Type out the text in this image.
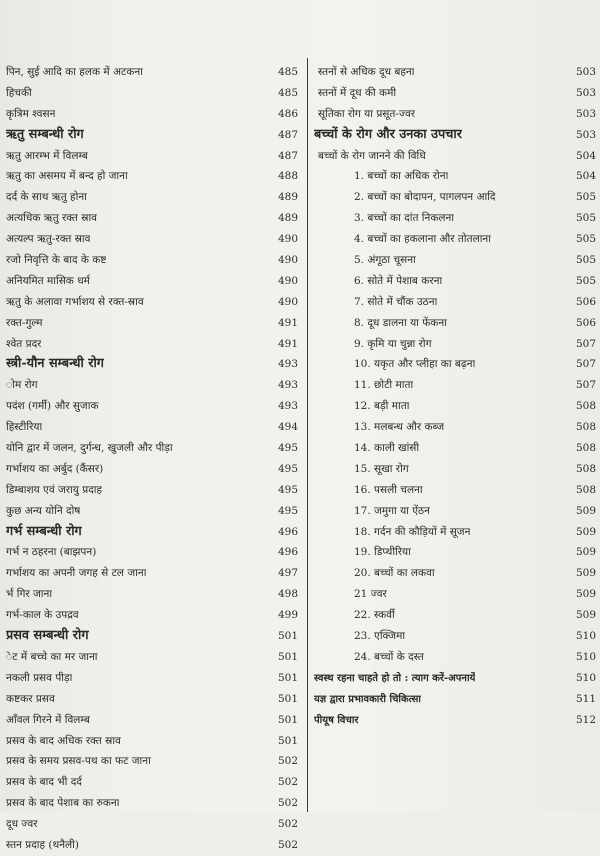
पिन, सुई आदि का हलक में अटकना	485
हिचकी	485
कृत्रिम श्वसन	486
ऋतु सम्बन्धी रोग	487
ऋतु आरम्भ में विलम्ब	487
ऋतु का असमय में बन्द हो जाना	488
दर्द के साथ ऋतु होना	489
अत्यधिक ऋतु रक्त स्राव	489
अत्यल्प ऋतु-रक्त स्राव	490
रजो निवृत्ति के बाद के कष्ट	490
अनियमित मासिक धर्म	490
ऋतु के अलावा गर्भाशय से रक्त-स्राव	490
रक्त-गुल्म	491
श्वेत प्रदर	491
स्त्री-यौन सम्बन्धी रोग	493
ोम रोग	493
पदंश (गर्मी) और सुजाक	493
हिस्टीरिया	494
योनि द्वार में जलन, दुर्गन्ध, खुजली और पीड़ा	495
गर्भाशय का अर्बुद (कैंसर)	495
डिम्बाशय एवं जरायु प्रदाह	495
कुछ अन्य योनि दोष	495
गर्भ सम्बन्धी रोग	496
गर्भ न ठहरना (बाझपन)	496
गर्भाशय का अपनी जगह से टल जाना	497
र्भ गिर जाना	498
गर्भ-काल के उपद्रव	499
प्रसव सम्बन्धी रोग	501
ेट में बच्चे का मर जाना	501
नकली प्रसव पीड़ा	501
कष्टकर प्रसव	501
आँवल गिरने में विलम्ब	501
प्रसव के बाद अधिक रक्त स्राव	501
प्रसव के समय प्रसव-पथ का फट जाना	502
प्रसव के बाद भी दर्द	502
प्रसव के बाद पेशाब का रुकना	502
दूध ज्वर	502
स्तन प्रदाह (थनैली)	502
स्तनों से अधिक दूध बहना	503
स्तनों में दूध की कमी	503
सूतिका रोग या प्रसूत-ज्वर	503
बच्चों के रोग और उनका उपचार	503
बच्चों के रोग जानने की विधि	504
1. बच्चों का अधिक रोना	504
2. बच्चों का बोदापन, पागलपन आदि	505
3. बच्चों का दांत निकलना	505
4. बच्चों का हकलाना और तोतलाना	505
5. अंगूठा चूसना	505
6. सोते में पेशाब करना	505
7. सोते में चौंक उठना	506
8. दूध डालना या फेंकना	506
9. कृमि या चुन्ना रोग	507
10. यकृत और प्लीहा का बढ़ना	507
11. छोटी माता	507
12. बड़ी माता	508
13. मलबन्ध और कब्ज	508
14. काली खांसी	508
15. सूखा रोग	508
16. पसली चलना	508
17. जमुगा या ऐंठन	509
18. गर्दन की कौड़ियों में सूजन	509
19. डिप्थीरिया	509
20. बच्चों का लकवा	509
21 ज्वर	509
22. स्कर्वी	509
23. एक्जिमा	510
24. बच्चों के दस्त	510
स्वस्थ रहना चाहते हो तो : त्याग करें-अपनायें	510
यज्ञ द्वारा प्रभावकारी चिकित्सा	511
पीयूष विचार	512
